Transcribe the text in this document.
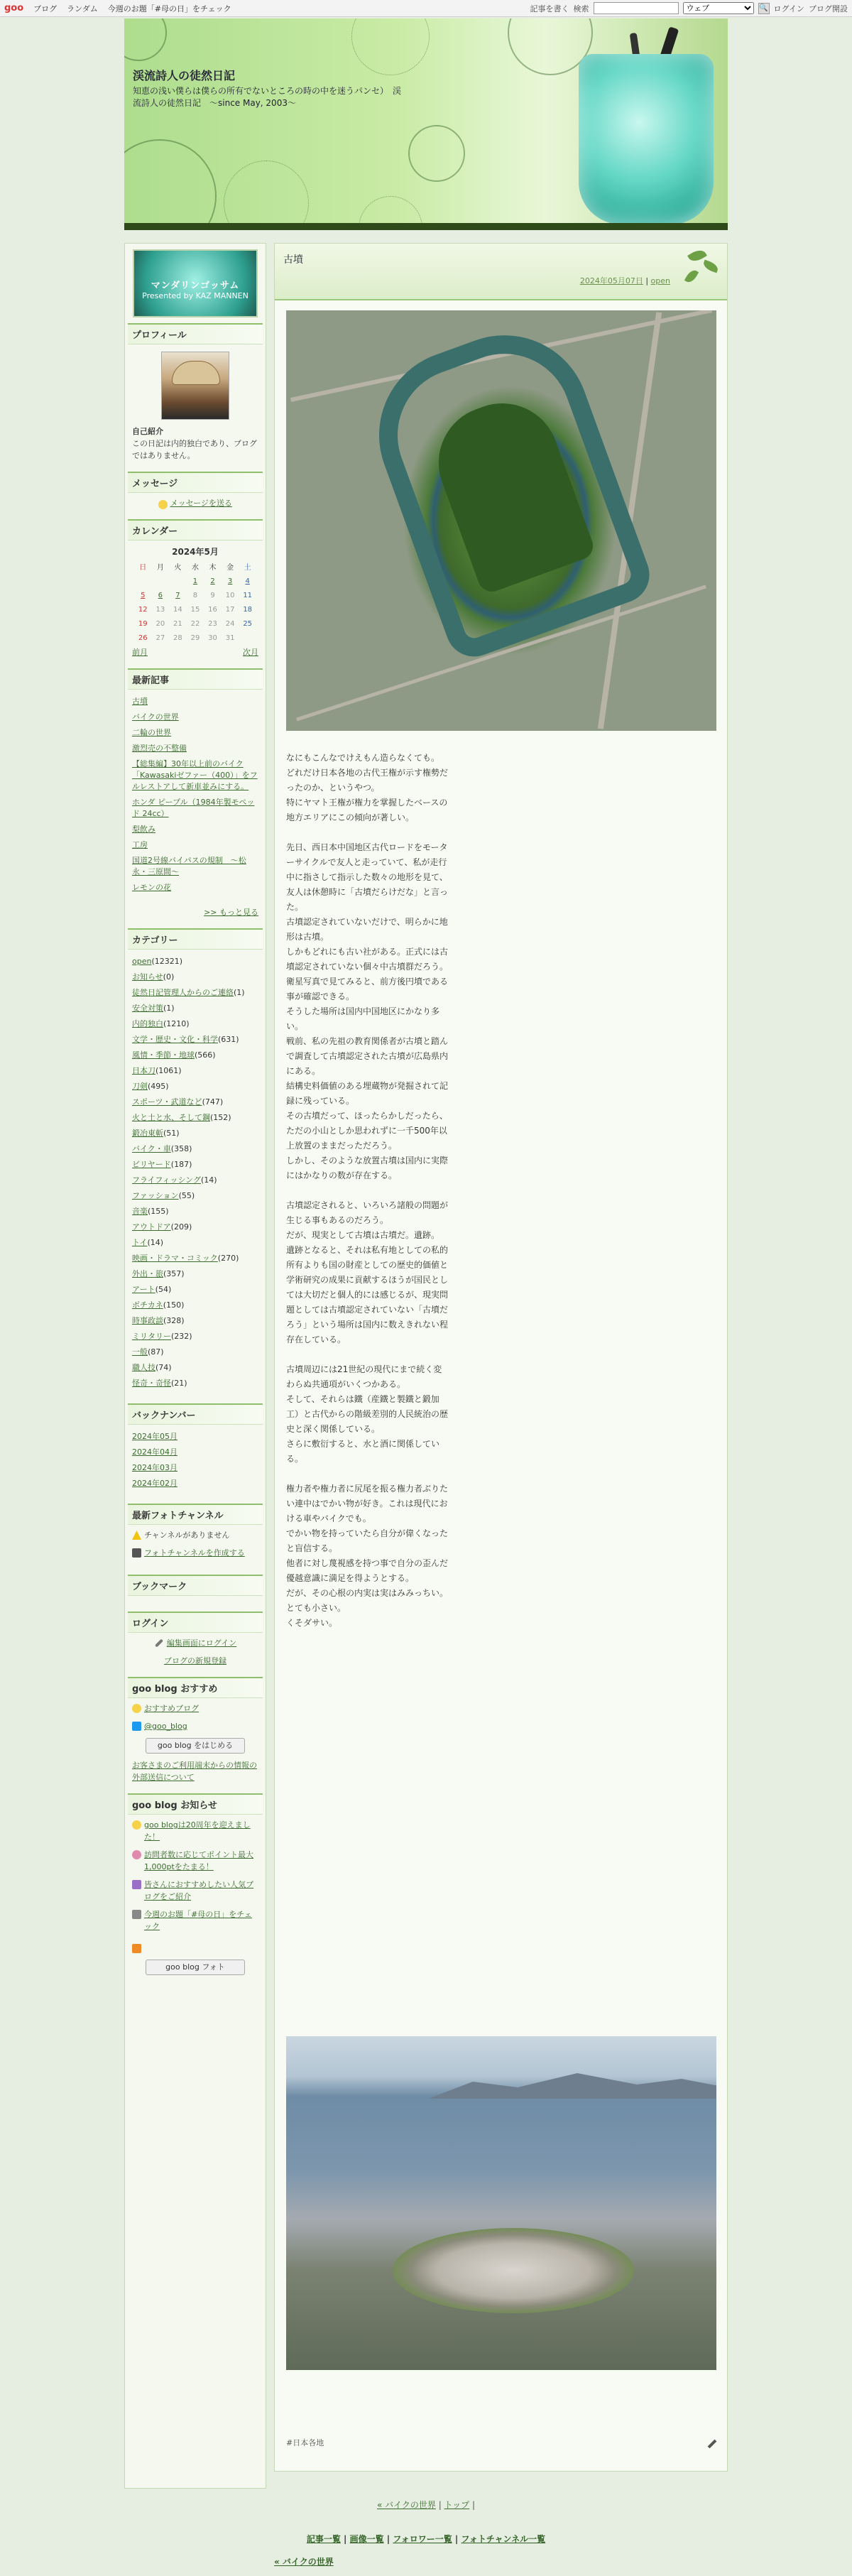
goo ブログ ランダム 今週のお題「#母の日」をチェック	記事を書く 検索
ウェブ	🔍 ログイン ブログ開設
渓流詩人の徒然日記
知恵の浅い僕らは僕らの所有でないところの時の中を迷うパンセ）　渓流詩人の徒然日記　～since May, 2003～
マンダリンゴッサム
Presented by KAZ MANNEN
プロフィール
自己紹介
この日記は内的独白であり、ブログではありません。
メッセージ
メッセージを送る
カレンダー
2024年5月
日	月	火	水	木	金	土
			1	2	3	4
5	6	7	8	9	10	11
12	13	14	15	16	17	18
19	20	21	22	23	24	25
26	27	28	29	30	31	
前月	次月
最新記事
古墳
バイクの世界
二輪の世界
激烈売の不整備
【総集編】30年以上前のバイク「Kawasakiゼファー（400）」をフルレストアして新車並みにする。
ホンダ ピープル（1984年製モペッド 24cc）
梨飲み
工房
国道2号線バイパスの規制　～松永・三原間～
レモンの花
>> もっと見る
カテゴリー
open(12321)
お知らせ(0)
徒然日記管理人からのご連絡(1)
安全対策(1)
内的独白(1210)
文学・歴史・文化・科学(631)
風情・季節・地球(566)
日本刀(1061)
刀剣(495)
スポーツ・武道など(747)
火と土と水、そして鋼(152)
鍛冶東斬(51)
バイク・車(358)
ビリヤード(187)
フライフィッシング(14)
ファッション(55)
音楽(155)
アウトドア(209)
トイ(14)
映画・ドラマ・コミック(270)
外出・旅(357)
アート(54)
ボチカネ(150)
時事政談(328)
ミリタリー(232)
一般(87)
職人技(74)
怪奇・奇怪(21)
バックナンバー
2024年05月
2024年04月
2024年03月
2024年02月
最新フォトチャンネル
チャンネルがありません
フォトチャンネルを作成する
ブックマーク
ログイン
編集画面にログイン
ブログの新規登録
goo blog おすすめ
おすすめブログ
@goo_blog
goo blog をはじめる
お客さまのご利用端末からの情報の外部送信について
goo blog お知らせ
goo blogは20周年を迎えました！
訪問者数に応じてポイント最大1,000ptをたまる！
皆さんにおすすめしたい人気ブログをご紹介
今週のお題「#母の日」をチェック
goo blog フォト
古墳
2024年05月07日 | open

なにもこんなでけえもん造らなくても。
どれだけ日本各地の古代王権が示す権勢だったのか、というやつ。
特にヤマト王権が権力を掌握したベースの地方エリアにこの傾向が著しい。

先日、西日本中国地区古代ロードをモーターサイクルで友人と走っていて、私が走行中に指さして指示した数々の地形を見て、友人は休憩時に「古墳だらけだな」と言った。
古墳認定されていないだけで、明らかに地形は古墳。
しかもどれにも古い社がある。正式には古墳認定されていない個々中古墳群だろう。衛星写真で見てみると、前方後円墳である事が確認できる。
そうした場所は国内中国地区にかなり多い。
戦前、私の先祖の教育関係者が古墳と踏んで調査して古墳認定された古墳が広島県内にある。
結構史料価値のある埋蔵物が発掘されて記録に残っている。
その古墳だって、ほったらかしだったら、ただの小山としか思われずに一千500年以上放置のままだっただろう。
しかし、そのような放置古墳は国内に実際にはかなりの数が存在する。

古墳認定されると、いろいろ諸般の問題が生じる事もあるのだろう。
だが、現実として古墳は古墳だ。遺跡。
遺跡となると、それは私有地としての私的所有よりも国の財産としての歴史的価値と学術研究の成果に貢献するほうが国民としては大切だと個人的には感じるが、現実問題としては古墳認定されていない「古墳だろう」という場所は国内に数えきれない程存在している。

古墳周辺には21世紀の現代にまで続く変わらぬ共通項がいくつかある。
そして、それらは鐵（産鐵と製鐵と鍛加工）と古代からの階級差別的人民統治の歴史と深く関係している。
さらに敷衍すると、水と酒に関係している。

権力者や権力者に尻尾を振る権力者ぶりたい連中はでかい物が好き。これは現代における車やバイクでも。
でかい物を持っていたら自分が偉くなったと盲信する。
他者に対し蔑視感を持つ事で自分の歪んだ優越意識に満足を得ようとする。
だが、その心根の内実は実はみみっちい。とても小さい。
くそダサい。

#日本各地
« バイクの世界 | トップ |
記事一覧 | 画像一覧 | フォロワー一覧 | フォトチャンネル一覧
« バイクの世界
